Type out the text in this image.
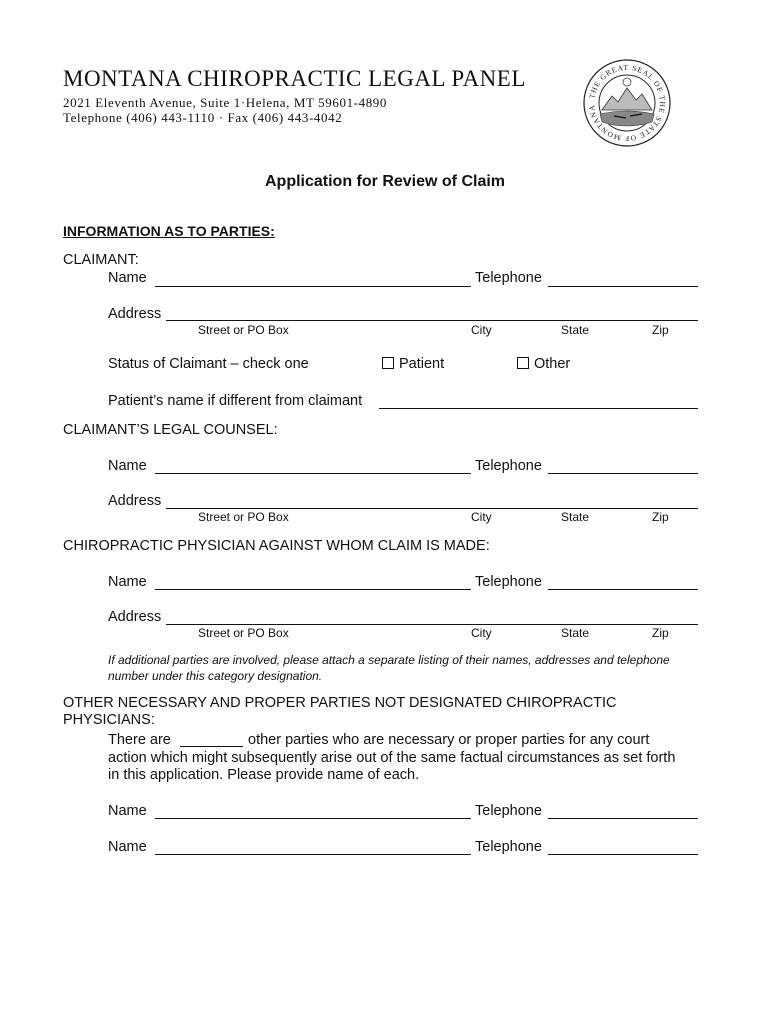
MONTANA CHIROPRACTIC LEGAL PANEL
2021 Eleventh Avenue, Suite 1·Helena, MT 59601-4890
Telephone (406) 443-1110 · Fax (406) 443-4042
THE GREAT SEAL OF THE STATE OF MONTANA
Application for Review of Claim
INFORMATION AS TO PARTIES:
CLAIMANT:
Name	Telephone
Address
Street or PO Box	City	State	Zip
Status of Claimant – check one	Patient	Other
Patient’s name if different from claimant
CLAIMANT’S LEGAL COUNSEL:
Name	Telephone
Address
Street or PO Box	City	State	Zip
CHIROPRACTIC PHYSICIAN AGAINST WHOM CLAIM IS MADE:
Name	Telephone
Address
Street or PO Box	City	State	Zip
If additional parties are involved, please attach a separate listing of their names, addresses and telephone number under this category designation.
OTHER NECESSARY AND PROPER PARTIES NOT DESIGNATED CHIROPRACTIC
PHYSICIANS:
There are	other parties who are necessary or proper parties for any court
action which might subsequently arise out of the same factual circumstances as set forth
in this application. Please provide name of each.
Name	Telephone
Name	Telephone
